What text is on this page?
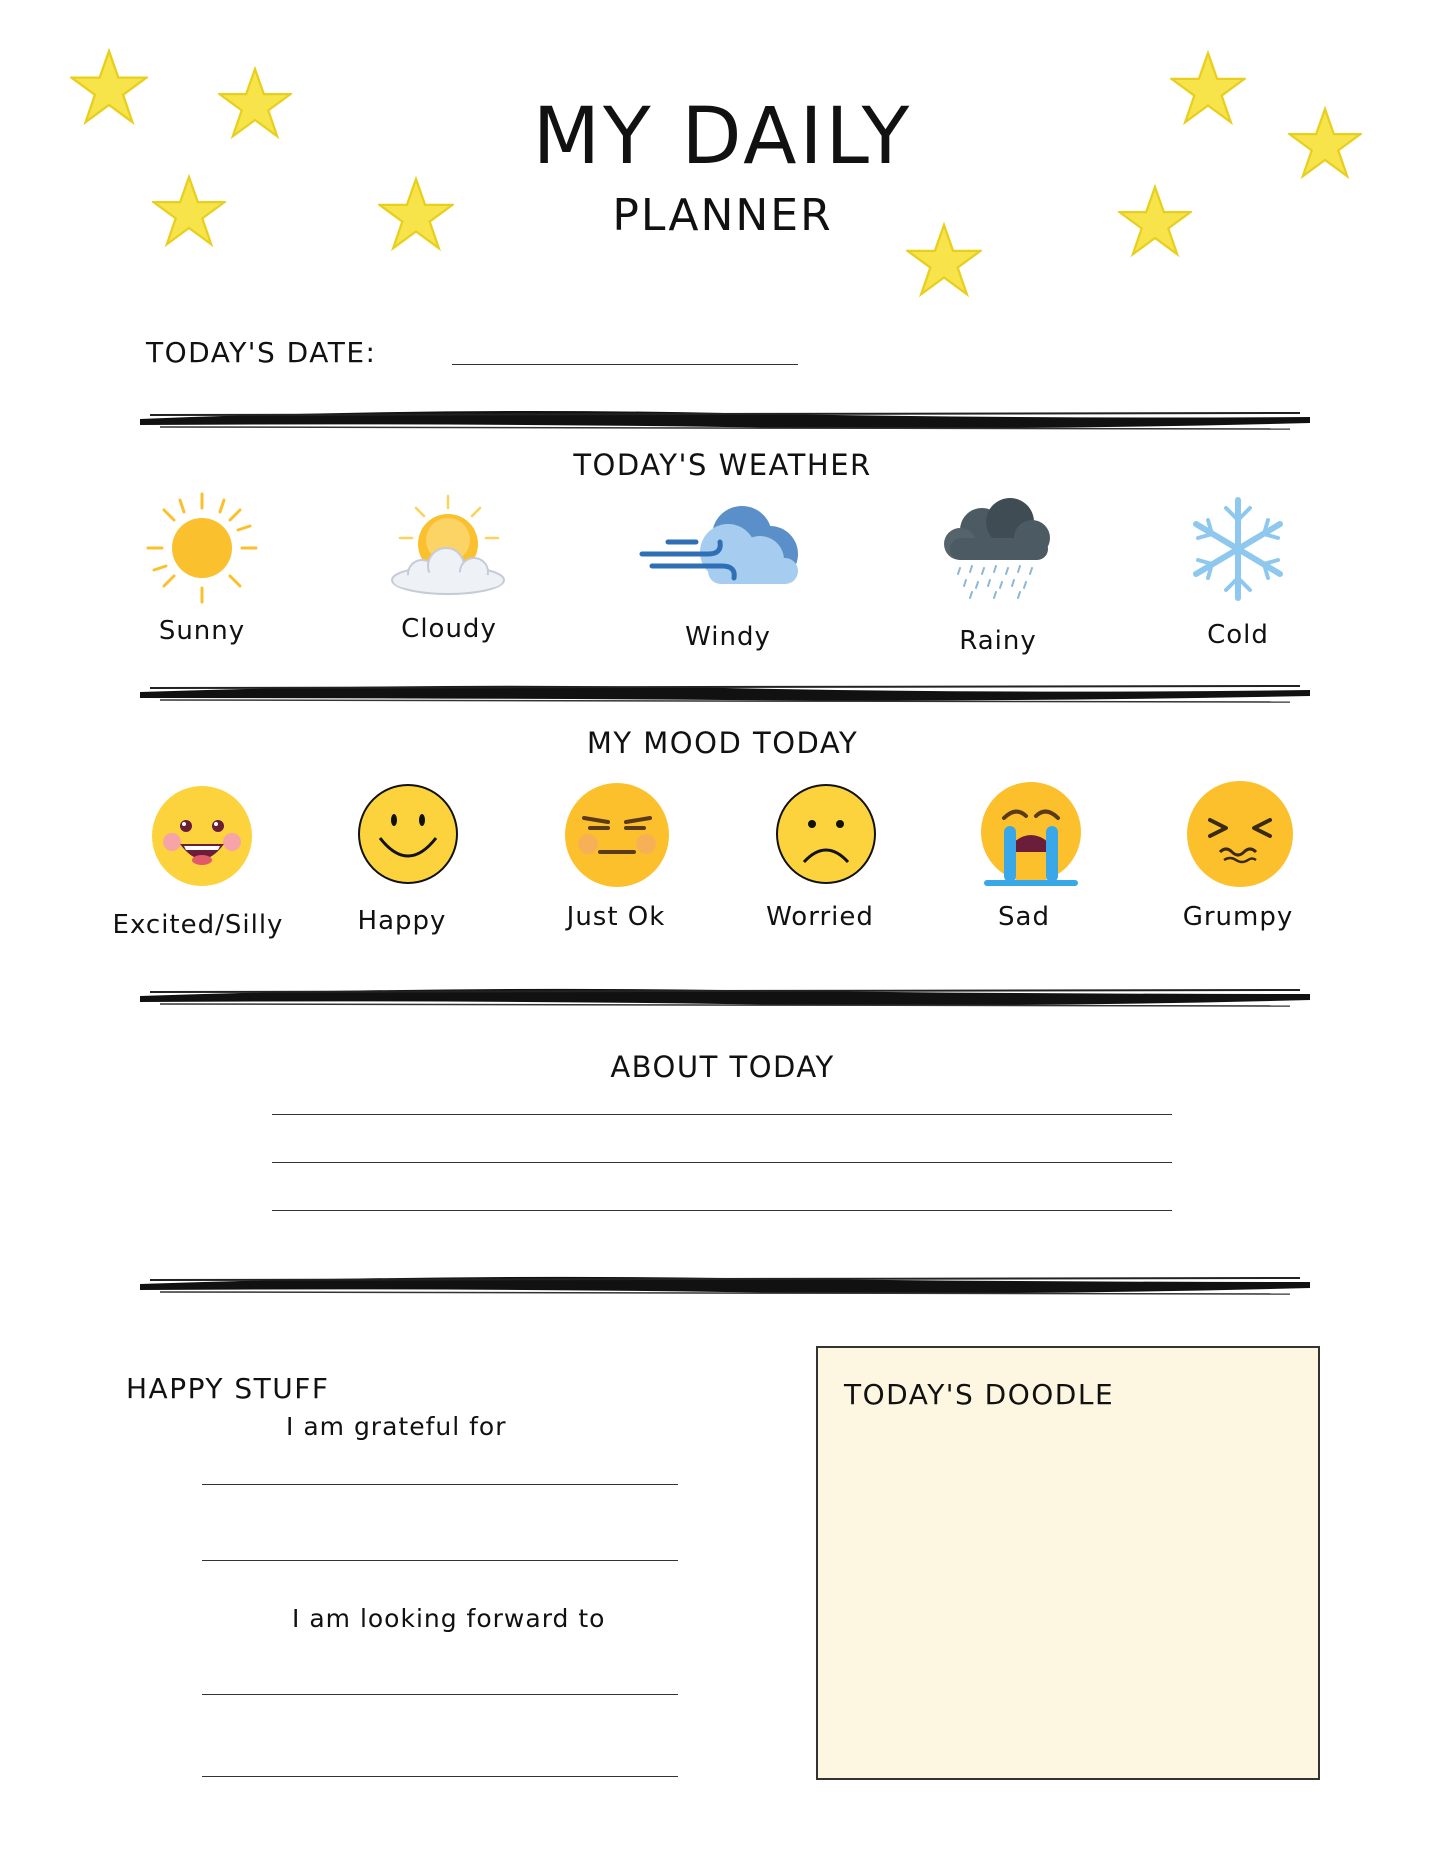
MY DAILY
PLANNER
TODAY'S DATE:
TODAY'S WEATHER
Sunny	Cloudy	Windy	Rainy	Cold
MY MOOD TODAY
Excited/Silly	Happy	Just Ok	Worried	Sad	Grumpy
ABOUT TODAY
HAPPY STUFF
I am grateful for
I am looking forward to
TODAY'S DOODLE
